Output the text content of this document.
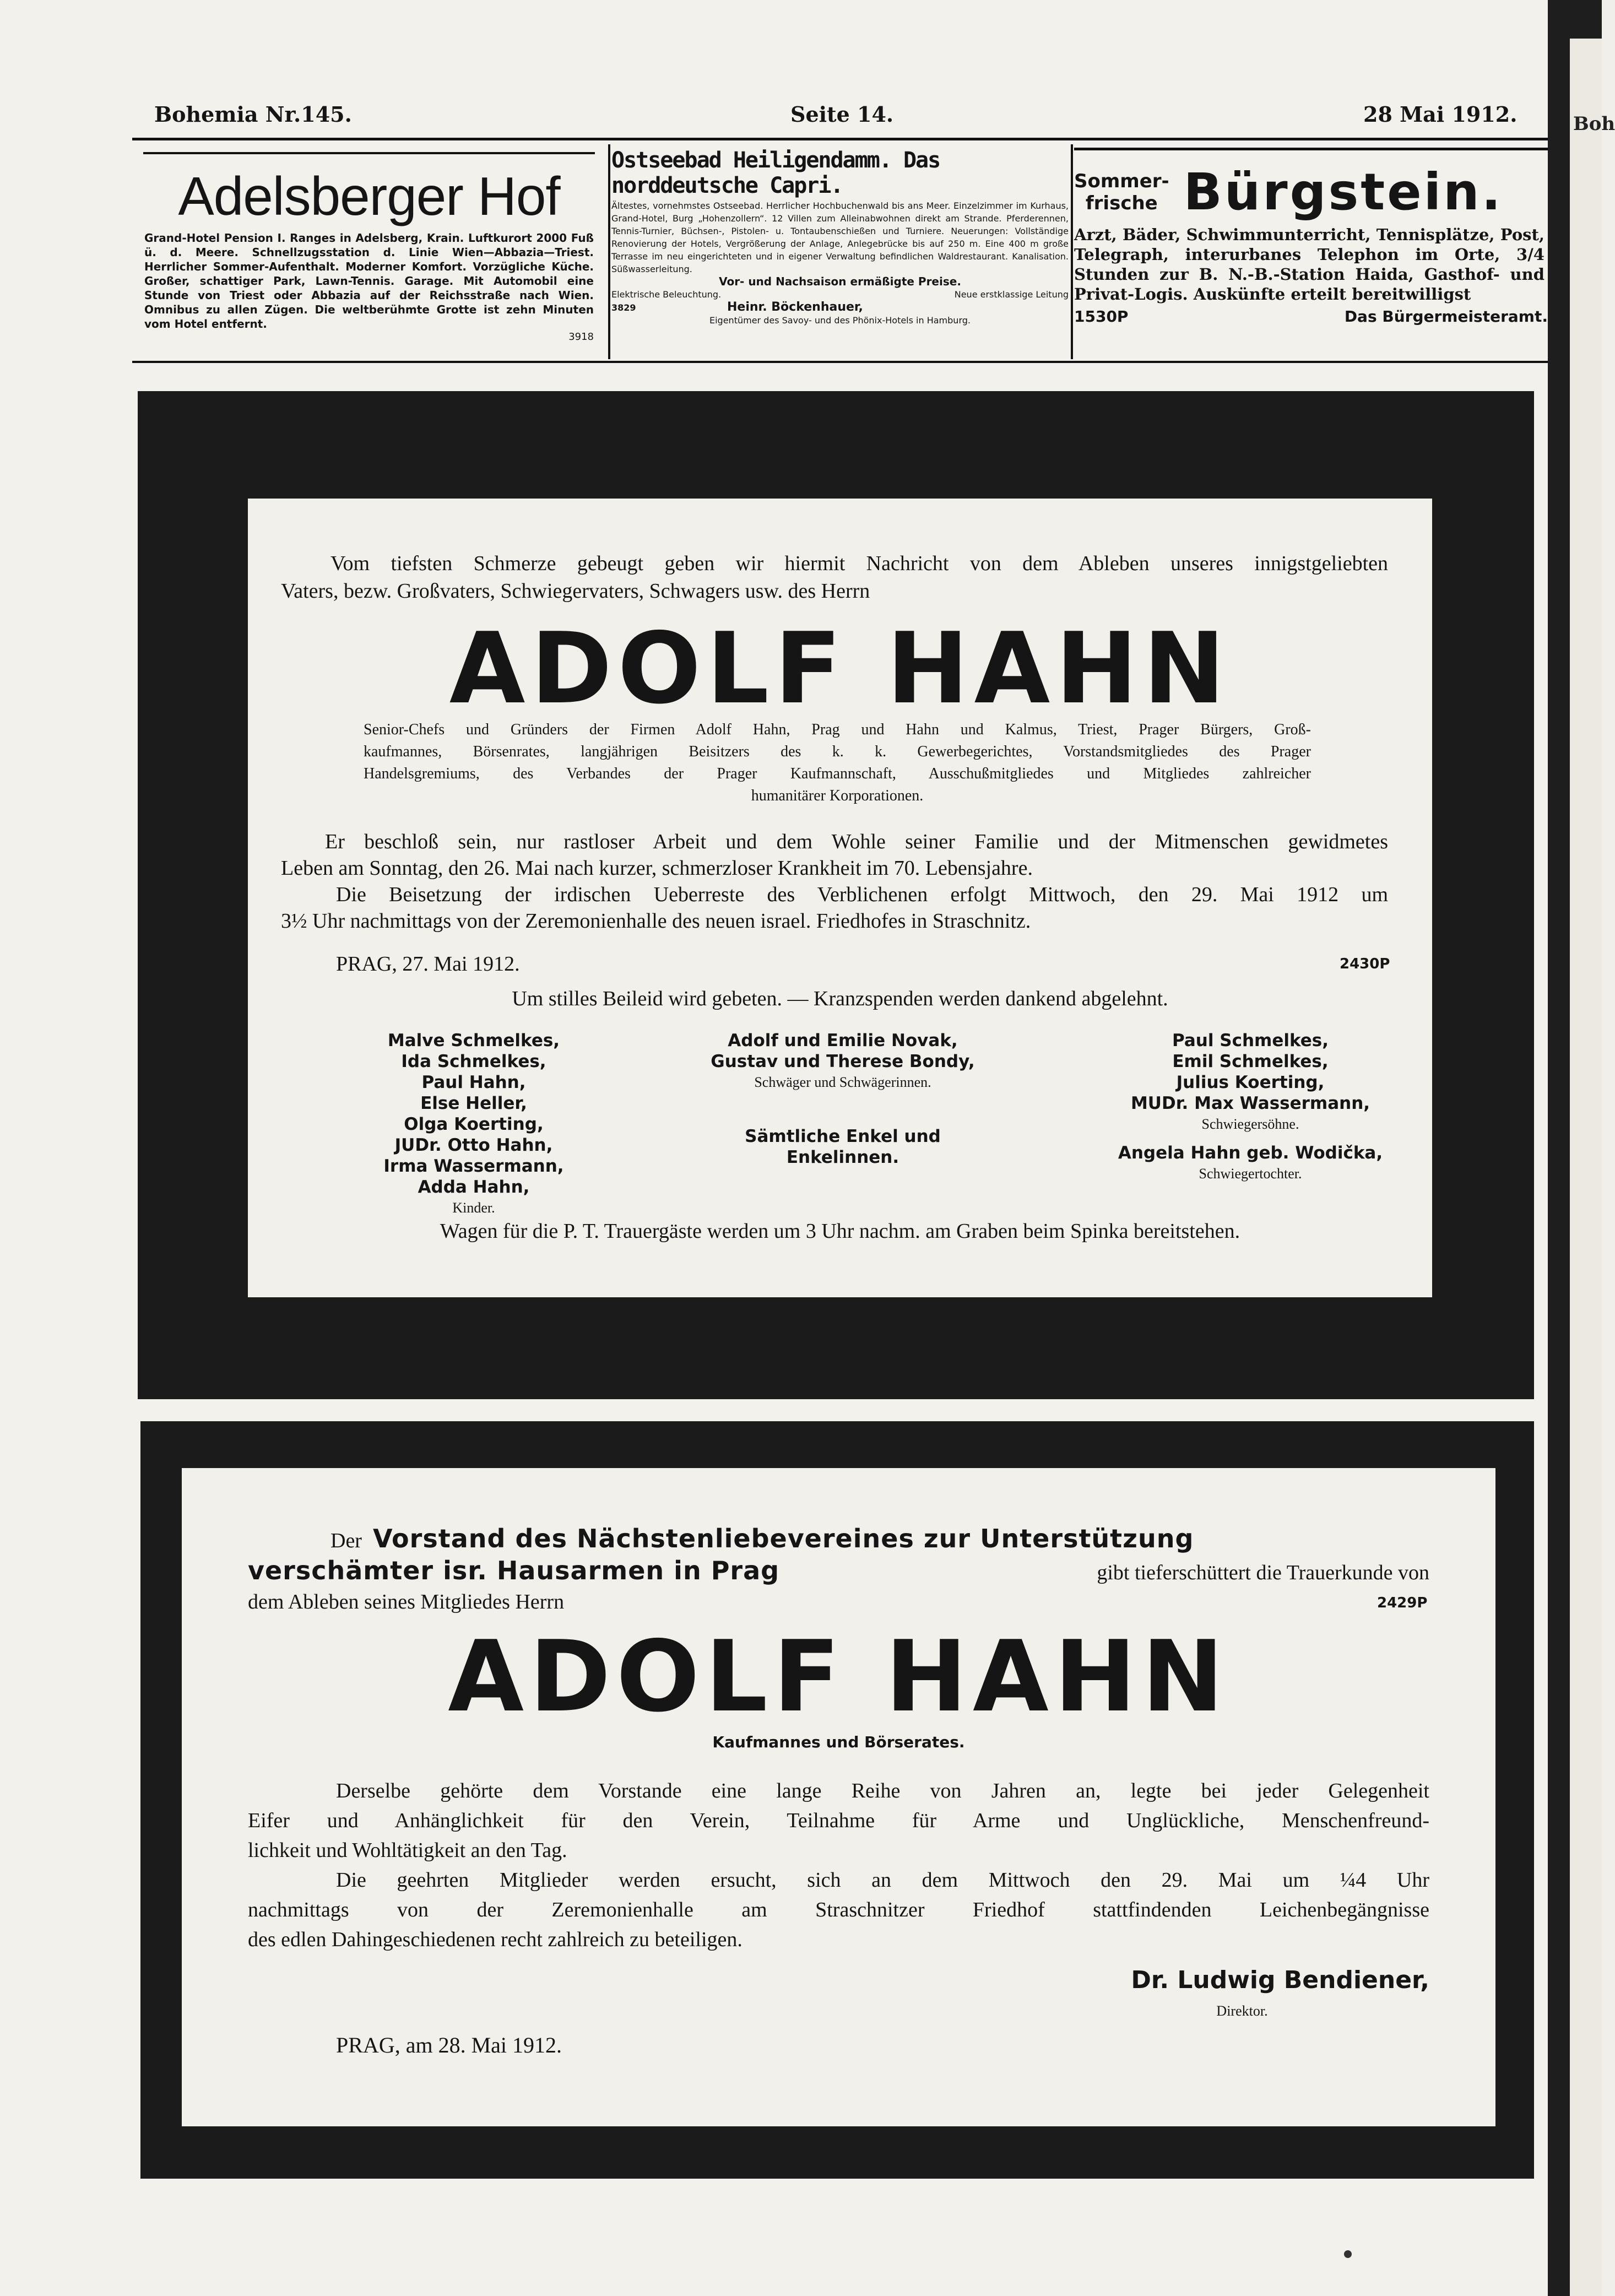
Boh
Bohemia Nr.145.	Seite 14.	28 Mai 1912.
Adelsberger Hof
Grand-Hotel Pension I. Ranges in Adelsberg, Krain. Luftkurort 2000 Fuß ü. d. Meere. Schnellzugsstation d. Linie Wien—Abbazia—Triest. Herrlicher Sommer-Aufenthalt. Moderner Komfort. Vorzügliche Küche. Großer, schattiger Park, Lawn-Tennis. Garage. Mit Automobil eine Stunde von Triest oder Abbazia auf der Reichsstraße nach Wien. Omnibus zu allen Zügen. Die weltberühmte Grotte ist zehn Minuten vom Hotel entfernt.
3918
Ostseebad Heiligendamm. Das norddeutsche Capri.
Ältestes, vornehmstes Ostseebad. Herrlicher Hochbuchenwald bis ans Meer. Einzelzimmer im Kurhaus, Grand-Hotel, Burg „Hohenzollern“. 12 Villen zum Alleinabwohnen direkt am Strande. Pferderennen, Tennis-Turnier, Büchsen-, Pistolen- u. Tontaubenschießen und Turniere. Neuerungen: Vollständige Renovierung der Hotels, Vergrößerung der Anlage, Anlegebrücke bis auf 250 m. Eine 400 m große Terrasse im neu eingerichteten und in eigener Verwaltung befindlichen Waldrestaurant. Kanalisation. Süßwasserleitung.
Vor- und Nachsaison ermäßigte Preise.
Elektrische Beleuchtung.	Neue erstklassige Leitung
3829	Heinr. Böckenhauer,
Eigentümer des Savoy- und des Phönix-Hotels in Hamburg.
Sommer-
frische Bürgstein.
Arzt, Bäder, Schwimmunterricht, Tennisplätze, Post, Telegraph, interurbanes Telephon im Orte, 3/4 Stunden zur B. N.-B.-Station Haida, Gasthof- und Privat-Logis. Auskünfte erteilt bereitwilligst
1530P	Das Bürgermeisteramt.
Vom tiefsten Schmerze gebeugt geben wir hiermit Nachricht von dem Ableben unseres innigstgeliebten
Vaters, bezw. Großvaters, Schwiegervaters, Schwagers usw. des Herrn
ADOLF HAHN
Senior-Chefs und Gründers der Firmen Adolf Hahn, Prag und Hahn und Kalmus, Triest, Prager Bürgers, Groß-
kaufmannes, Börsenrates, langjährigen Beisitzers des k. k. Gewerbegerichtes, Vorstandsmitgliedes des Prager
Handelsgremiums, des Verbandes der Prager Kaufmannschaft, Ausschußmitgliedes und Mitgliedes zahlreicher
humanitärer Korporationen.
Er beschloß sein, nur rastloser Arbeit und dem Wohle seiner Familie und der Mitmenschen gewidmetes
Leben am Sonntag, den 26. Mai nach kurzer, schmerzloser Krankheit im 70. Lebensjahre.
Die Beisetzung der irdischen Ueberreste des Verblichenen erfolgt Mittwoch, den 29. Mai 1912 um
3½ Uhr nachmittags von der Zeremonienhalle des neuen israel. Friedhofes in Straschnitz.
PRAG, 27. Mai 1912.	2430P
Um stilles Beileid wird gebeten. — Kranzspenden werden dankend abgelehnt.
Malve Schmelkes,
Ida Schmelkes,
Paul Hahn,
Else Heller,
Olga Koerting,
JUDr. Otto Hahn,
Irma Wassermann,
Adda Hahn,
Kinder.
Adolf und Emilie Novak,
Gustav und Therese Bondy,
Schwäger und Schwägerinnen.
Sämtliche Enkel und
Enkelinnen.
Paul Schmelkes,
Emil Schmelkes,
Julius Koerting,
MUDr. Max Wassermann,
Schwiegersöhne.
Angela Hahn geb. Wodička,
Schwiegertochter.
Wagen für die P. T. Trauergäste werden um 3 Uhr nachm. am Graben beim Spinka bereitstehen.
Der Vorstand des Nächstenliebevereines zur Unterstützung
verschämter isr. Hausarmen in Prag	gibt tieferschüttert die Trauerkunde von
dem Ableben seines Mitgliedes Herrn	2429P
ADOLF HAHN
Kaufmannes und Börserates.
Derselbe gehörte dem Vorstande eine lange Reihe von Jahren an, legte bei jeder Gelegenheit
Eifer und Anhänglichkeit für den Verein, Teilnahme für Arme und Unglückliche, Menschenfreund-
lichkeit und Wohltätigkeit an den Tag.
Die geehrten Mitglieder werden ersucht, sich an dem Mittwoch den 29. Mai um ¼4 Uhr
nachmittags von der Zeremonienhalle am Straschnitzer Friedhof stattfindenden Leichenbegängnisse
des edlen Dahingeschiedenen recht zahlreich zu beteiligen.
Dr. Ludwig Bendiener,
Direktor.
PRAG, am 28. Mai 1912.
